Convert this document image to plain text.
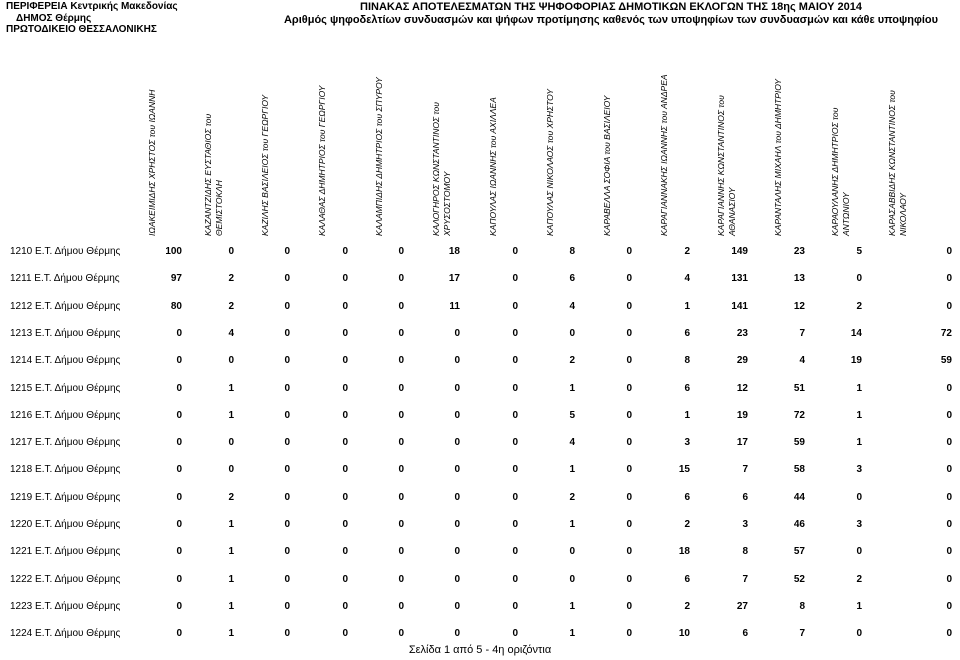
ΠΕΡΙΦΕΡΕΙΑ Κεντρικής Μακεδονίας
ΔΗΜΟΣ Θέρμης
ΠΡΩΤΟΔΙΚΕΙΟ ΘΕΣΣΑΛΟΝΙΚΗΣ
ΠΙΝΑΚΑΣ ΑΠΟΤΕΛΕΣΜΑΤΩΝ ΤΗΣ ΨΗΦΟΦΟΡΙΑΣ ΔΗΜΟΤΙΚΩΝ ΕΚΛΟΓΩΝ ΤΗΣ 18ης ΜΑΙΟΥ 2014
Αριθμός ψηφοδελτίων συνδυασμών και ψήφων προτίμησης καθενός των υποψηφίων των συνδυασμών και κάθε υποψηφίου
ΙΩΑΚΕΙΜΙΔΗΣ ΧΡΗΣΤΟΣ του ΙΩΑΝΝΗ	ΚΑΖΑΝΤΖΙΔΗΣ ΕΥΣΤΑΘΙΟΣ του ΘΕΜΙΣΤΟΚΛΗ	ΚΑΖΙΛΗΣ ΒΑΣΙΛΕΙΟΣ του ΓΕΩΡΓΙΟΥ	ΚΑΛΑΘΑΣ ΔΗΜΗΤΡΙΟΣ του ΓΕΩΡΓΙΟΥ	ΚΑΛΑΜΠΙΔΗΣ ΔΗΜΗΤΡΙΟΣ του ΣΠΥΡΟΥ	ΚΑΛΟΓΗΡΟΣ ΚΩΝΣΤΑΝΤΙΝΟΣ του ΧΡΥΣΟΣΤΟΜΟΥ	ΚΑΠΟΥΛΑΣ ΙΩΑΝΝΗΣ του ΑΧΙΛΛΕΑ	ΚΑΠΟΥΛΑΣ ΝΙΚΟΛΑΟΣ του ΧΡΗΣΤΟΥ	ΚΑΡΑΒΕΛΛΑ ΣΟΦΙΑ του ΒΑΣΙΛΕΙΟΥ	ΚΑΡΑΓΙΑΝΝΑΚΗΣ ΙΩΑΝΝΗΣ του ΑΝΔΡΕΑ	ΚΑΡΑΓΙΑΝΝΗΣ ΚΩΝΣΤΑΝΤΙΝΟΣ του ΑΘΑΝΑΣΙΟΥ	ΚΑΡΑΝΤΑΛΗΣ ΜΙΧΑΗΛ του ΔΗΜΗΤΡΙΟΥ	ΚΑΡΑΟΥΛΑΝΗΣ ΔΗΜΗΤΡΙΟΣ του ΑΝΤΩΝΙΟΥ	ΚΑΡΑΣΑΒΒΙΔΗΣ ΚΩΝΣΤΑΝΤΙΝΟΣ του ΝΙΚΟΛΑΟΥ
1210 Ε.Τ. Δήμου Θέρμης	100	0	0	0	0	18	0	8	0	2	149	23	5	0
1211 Ε.Τ. Δήμου Θέρμης	97	2	0	0	0	17	0	6	0	4	131	13	0	0
1212 Ε.Τ. Δήμου Θέρμης	80	2	0	0	0	11	0	4	0	1	141	12	2	0
1213 Ε.Τ. Δήμου Θέρμης	0	4	0	0	0	0	0	0	0	6	23	7	14	72
1214 Ε.Τ. Δήμου Θέρμης	0	0	0	0	0	0	0	2	0	8	29	4	19	59
1215 Ε.Τ. Δήμου Θέρμης	0	1	0	0	0	0	0	1	0	6	12	51	1	0
1216 Ε.Τ. Δήμου Θέρμης	0	1	0	0	0	0	0	5	0	1	19	72	1	0
1217 Ε.Τ. Δήμου Θέρμης	0	0	0	0	0	0	0	4	0	3	17	59	1	0
1218 Ε.Τ. Δήμου Θέρμης	0	0	0	0	0	0	0	1	0	15	7	58	3	0
1219 Ε.Τ. Δήμου Θέρμης	0	2	0	0	0	0	0	2	0	6	6	44	0	0
1220 Ε.Τ. Δήμου Θέρμης	0	1	0	0	0	0	0	1	0	2	3	46	3	0
1221 Ε.Τ. Δήμου Θέρμης	0	1	0	0	0	0	0	0	0	18	8	57	0	0
1222 Ε.Τ. Δήμου Θέρμης	0	1	0	0	0	0	0	0	0	6	7	52	2	0
1223 Ε.Τ. Δήμου Θέρμης	0	1	0	0	0	0	0	1	0	2	27	8	1	0
1224 Ε.Τ. Δήμου Θέρμης	0	1	0	0	0	0	0	1	0	10	6	7	0	0
Σελίδα 1 από 5 - 4η οριζόντια
